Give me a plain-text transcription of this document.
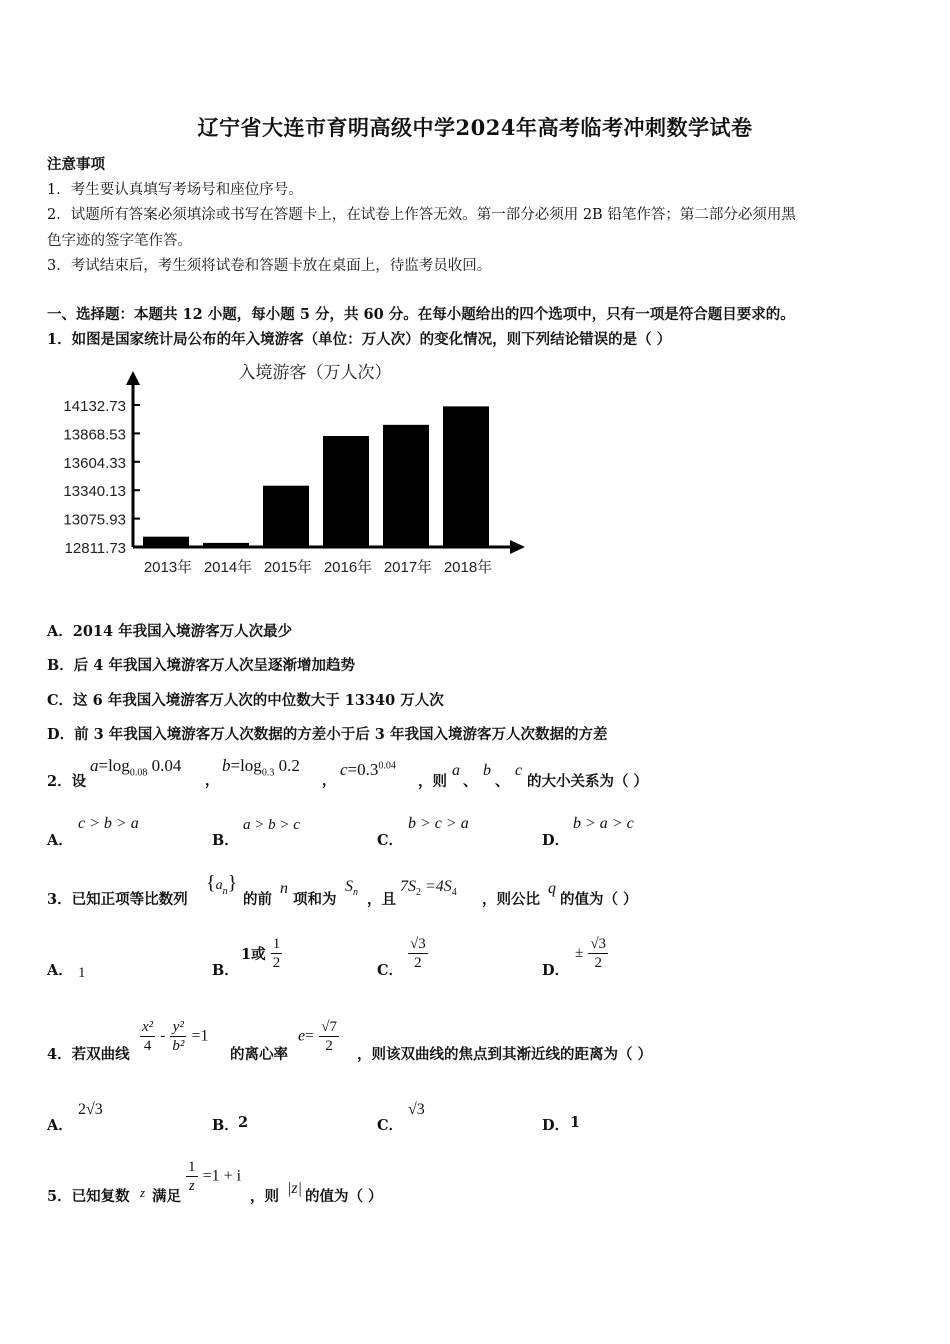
辽宁省大连市育明高级中学2024年高考临考冲刺数学试卷
注意事项
1．考生要认真填写考场号和座位序号。
2．试题所有答案必须填涂或书写在答题卡上，在试卷上作答无效。第一部分必须用 2B 铅笔作答；第二部分必须用黑
色字迹的签字笔作答。
3．考试结束后，考生须将试卷和答题卡放在桌面上，待监考员收回。
一、选择题：本题共 12 小题，每小题 5 分，共 60 分。在每小题给出的四个选项中，只有一项是符合题目要求的。
1．如图是国家统计局公布的年入境游客（单位：万人次）的变化情况，则下列结论错误的是（ ）
入境游客（万人次）
14132.73
13868.53
13604.33
13340.13
13075.93
12811.73
2013年 2014年 2015年 2016年 2017年 2018年
A．2014 年我国入境游客万人次最少
B．后 4 年我国入境游客万人次呈逐渐增加趋势
C．这 6 年我国入境游客万人次的中位数大于 13340 万人次
D．前 3 年我国入境游客万人次数据的方差小于后 3 年我国入境游客万人次数据的方差
2．设
$a=\log_{0.08}$ 0.04
，
$b=\log_{0.3}$ 0.2
，
$c=0.3^{0.04}$
，则
a
、
b
、
c
的大小关系为（ ）
A．
c > b > a
B．
a > b > c
C．
b > c > a
D．
b > a > c
3．已知正项等比数列
$\{a_n\}$
的前
n
项和为
$S_n$ ，且
$7S_2 =4S_4$ ，则公比
q
的值为（ ）
A． 1	B．
1或 $\frac{1}{2}$	C． $\frac{√3}{2}$	D．
± $\frac{√3}{2}$
4．若双曲线 $\frac{\text{x²}}{4} - \frac{\text{y²}}{\text{b²}} =1$
的离心率
$e= \frac{√7}{2}$ ，则该双曲线的焦点到其渐近线的距离为（ ）
A．
2√3
B． 2	C．
√3
D． 1
5．已知复数 z 满足
$\frac{1}{z} =1 + i$
，则 |z| 的值为（ ）
